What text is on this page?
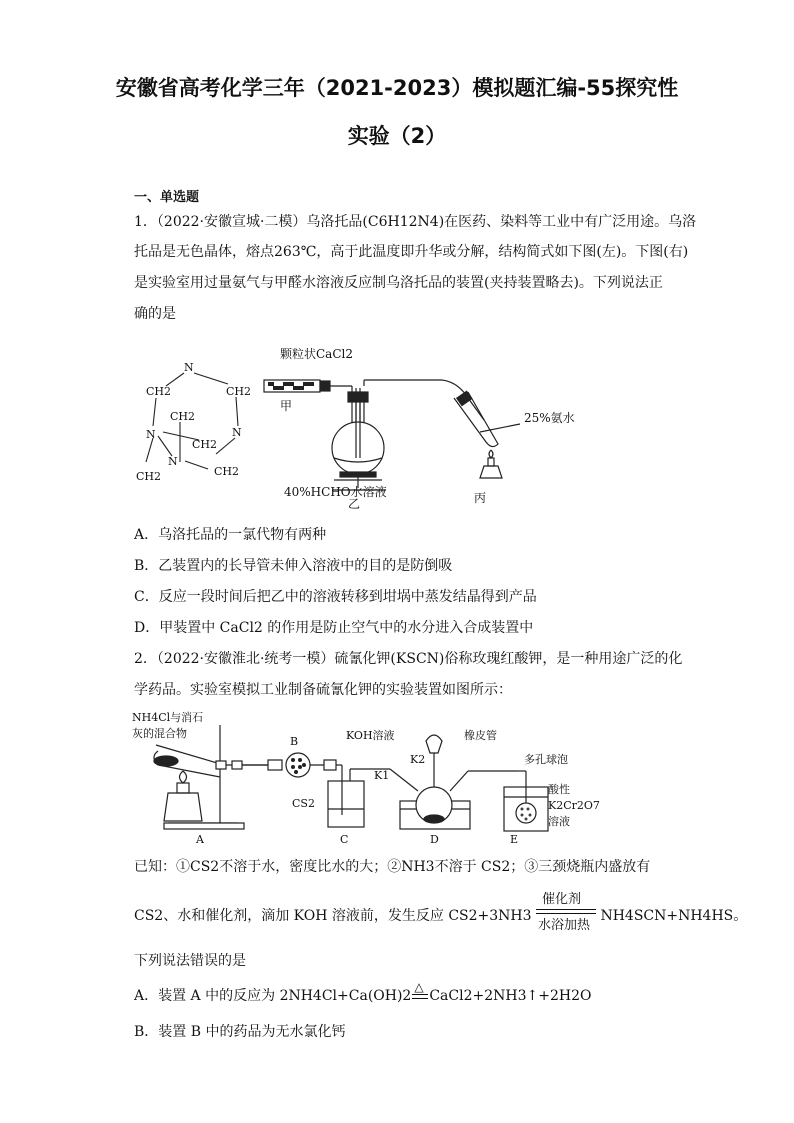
安徽省高考化学三年（2021-2023）模拟题汇编-55探究性实验（2）
一、单选题
1．（2022·安徽宣城·二模）乌洛托品(C6H12N4)在医药、染料等工业中有广泛用途。乌洛
托品是无色晶体，熔点263℃，高于此温度即升华或分解，结构简式如下图(左)。下图(右)
是实验室用过量氨气与甲醛水溶液反应制乌洛托品的装置(夹持装置略去)。下列说法正
确的是
N
CH2	CH2
CH2
N	N
CH2
N
CH2	CH2
颗粒状CaCl2
甲
25%氨水
40%HCHO水溶液
乙	丙
A．乌洛托品的一氯代物有两种
B．乙装置内的长导管未伸入溶液中的目的是防倒吸
C．反应一段时间后把乙中的溶液转移到坩埚中蒸发结晶得到产品
D．甲装置中 CaCl2 的作用是防止空气中的水分进入合成装置中
2．（2022·安徽淮北·统考一模）硫氰化钾(KSCN)俗称玫瑰红酸钾，是一种用途广泛的化
学药品。实验室模拟工业制备硫氰化钾的实验装置如图所示：
NH4Cl与消石
灰的混合物
B	KOH溶液	橡皮管
K2
K1
多孔球泡
酸性
K2Cr2O7
溶液
CS2
A	C	D	E
已知：①CS2不溶于水，密度比水的大；②NH3不溶于 CS2；③三颈烧瓶内盛放有
CS2、水和催化剂，滴加 KOH 溶液前，发生反应 CS2+3NH3
催化剂
水浴加热
NH4SCN+NH4HS。
下列说法错误的是
A．装置 A 中的反应为 2NH4Cl+Ca(OH)2
△
CaCl2+2NH3↑+2H2O
B．装置 B 中的药品为无水氯化钙
